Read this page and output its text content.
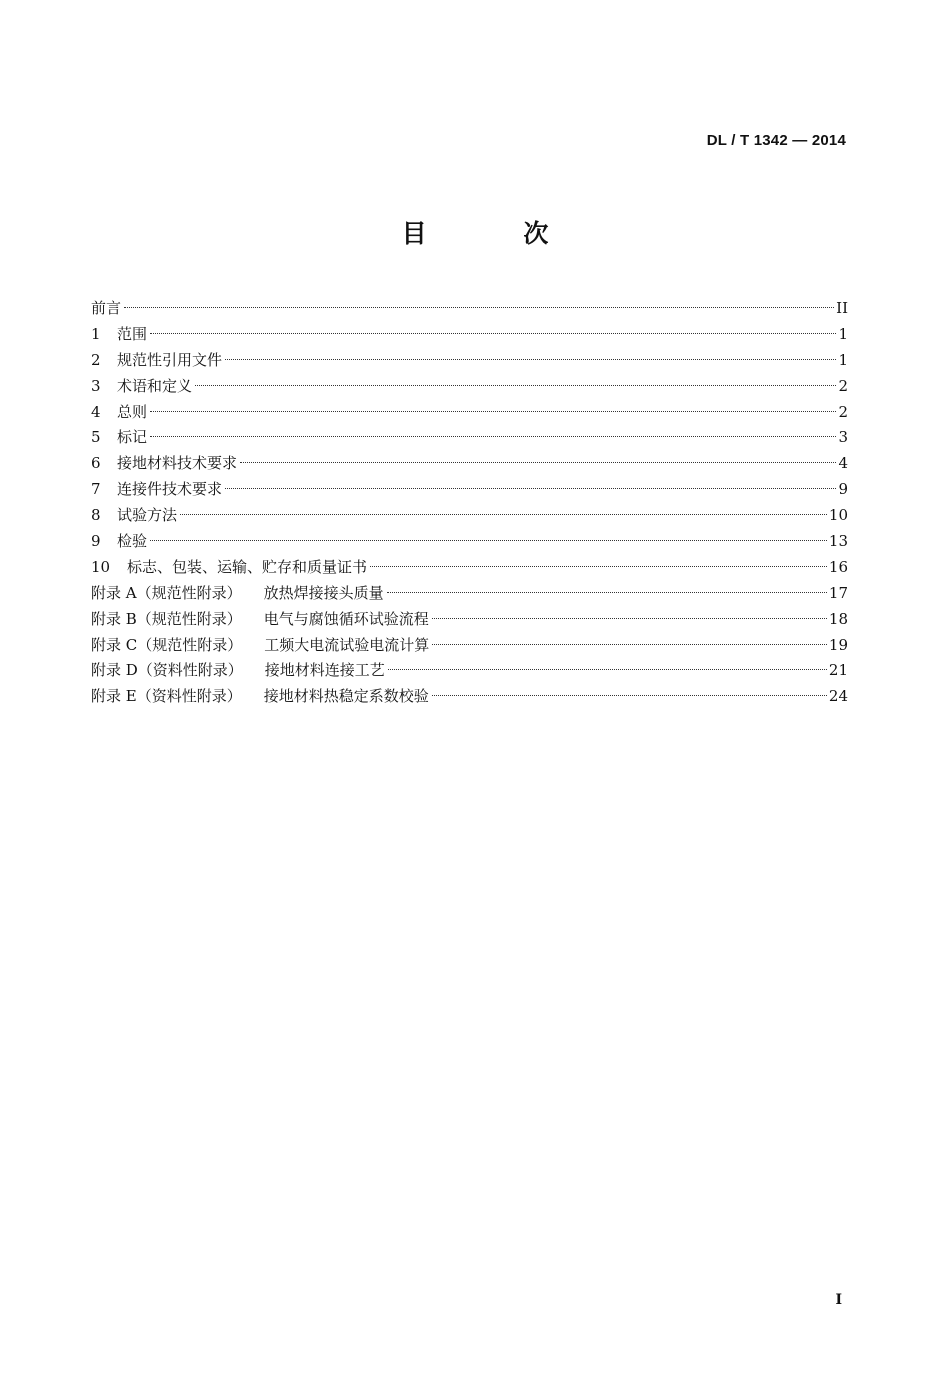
DL / T 1342 — 2014
目 次
前言	II
1	范围	1
2	规范性引用文件	1
3	术语和定义	2
4	总则	2
5	标记	3
6	接地材料技术要求	4
7	连接件技术要求	9
8	试验方法	10
9	检验	13
10	标志、包装、运输、贮存和质量证书	16
附录 A（规范性附录） 放热焊接接头质量	17
附录 B（规范性附录） 电气与腐蚀循环试验流程	18
附录 C（规范性附录） 工频大电流试验电流计算	19
附录 D（资料性附录） 接地材料连接工艺	21
附录 E（资料性附录） 接地材料热稳定系数校验	24
I
